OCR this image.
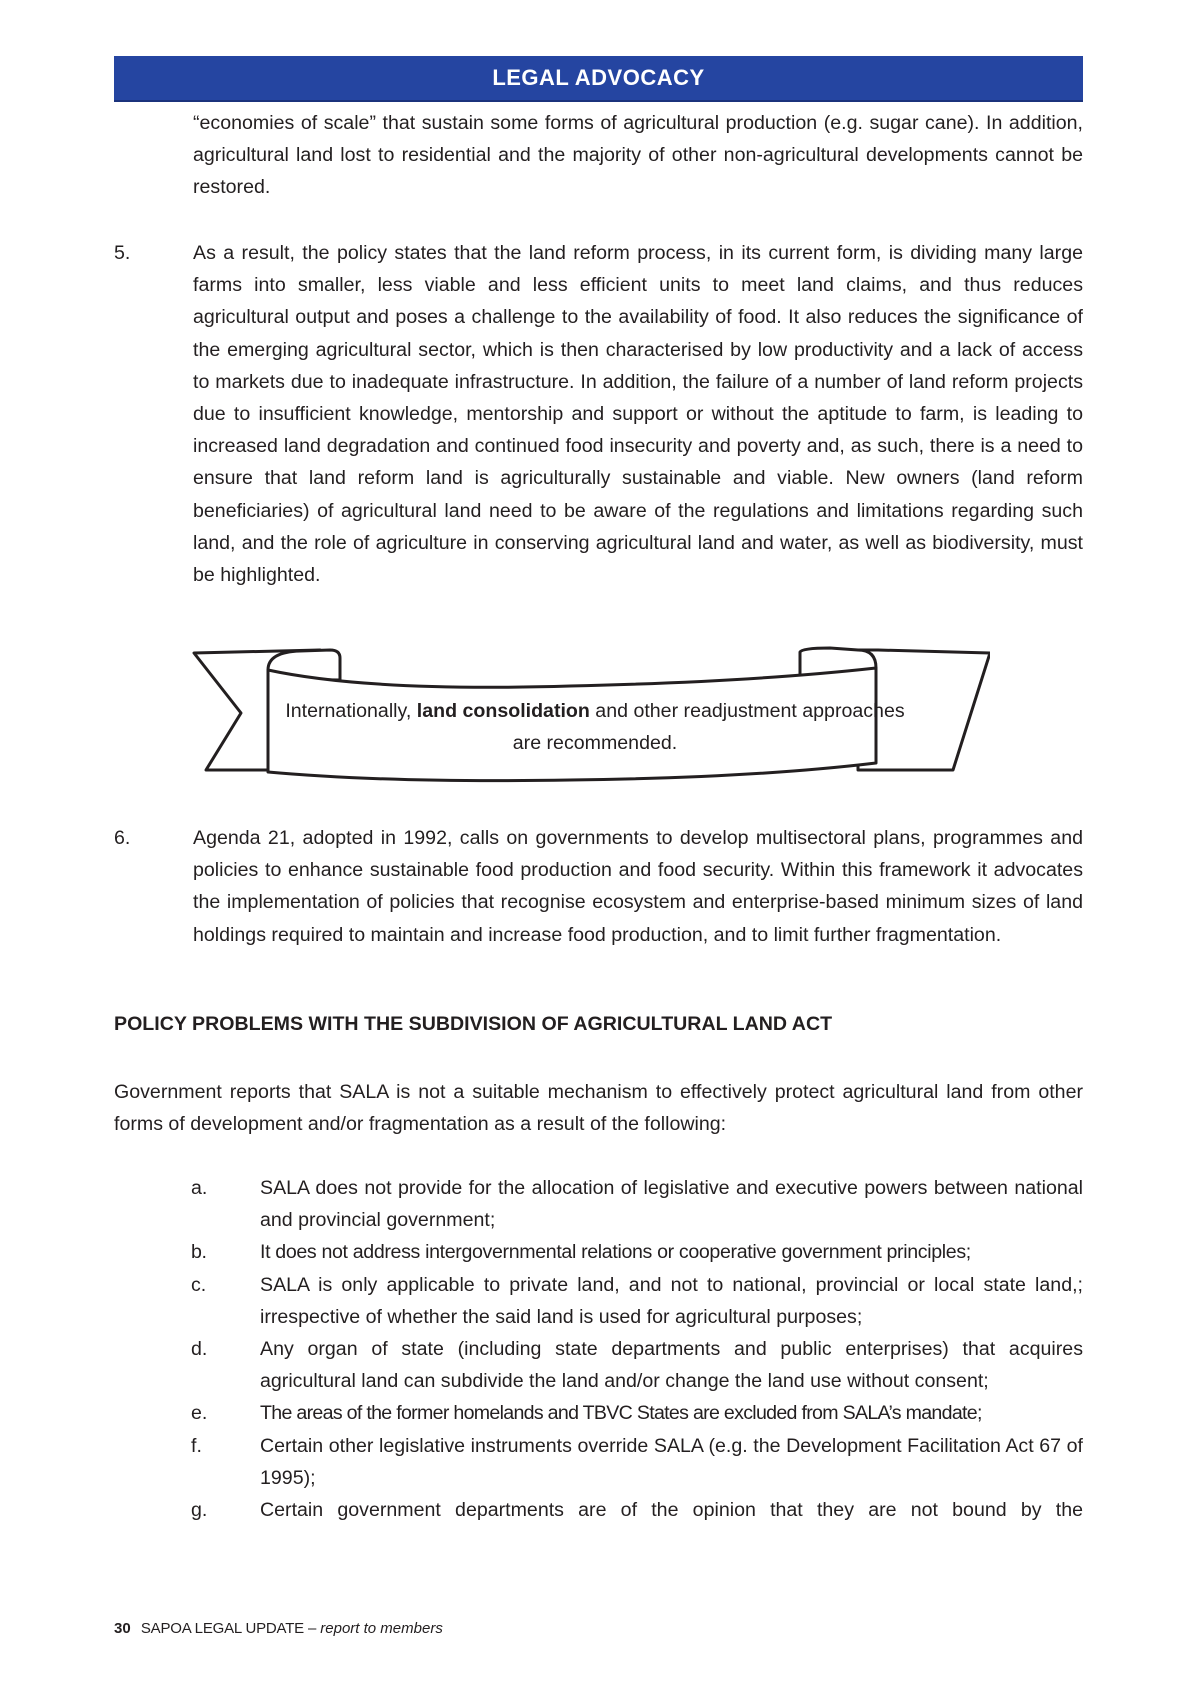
LEGAL ADVOCACY

“economies of scale” that sustain some forms of agricultural production (e.g. sugar cane). In addition, agricultural land lost to residential and the majority of other non-agricultural developments cannot be restored.

5.	As a result, the policy states that the land reform process, in its current form, is dividing many large farms into smaller, less viable and less efficient units to meet land claims, and thus reduces agricultural output and poses a challenge to the availability of food. It also reduces the significance of the emerging agricultural sector, which is then characterised by low productivity and a lack of access to markets due to inadequate infrastructure. In addition, the failure of a number of land reform projects due to insufficient knowledge, mentorship and support or without the aptitude to farm, is leading to increased land degradation and continued food insecurity and poverty and, as such, there is a need to ensure that land reform land is agriculturally sustainable and viable. New owners (land reform beneficiaries) of agricultural land need to be aware of the regulations and limitations regarding such land, and the role of agriculture in conserving agricultural land and water, as well as biodiversity, must be highlighted.

Internationally, land consolidation and other readjustment approaches are recommended.

6.	Agenda 21, adopted in 1992, calls on governments to develop multisectoral plans, programmes and policies to enhance sustainable food production and food security. Within this framework it advocates the implementation of policies that recognise ecosystem and enterprise-based minimum sizes of land holdings required to maintain and increase food production, and to limit further fragmentation.

POLICY PROBLEMS WITH THE SUBDIVISION OF AGRICULTURAL LAND ACT

Government reports that SALA is not a suitable mechanism to effectively protect agricultural land from other forms of development and/or fragmentation as a result of the following:

a.	SALA does not provide for the allocation of legislative and executive powers between national and provincial government;
b.	It does not address intergovernmental relations or cooperative government principles;
c.	SALA is only applicable to private land, and not to national, provincial or local state land,; irrespective of whether the said land is used for agricultural purposes;
d.	Any organ of state (including state departments and public enterprises) that acquires agricultural land can subdivide the land and/or change the land use without consent;
e.	The areas of the former homelands and TBVC States are excluded from SALA’s mandate;
f.	Certain other legislative instruments override SALA (e.g. the Development Facilitation Act 67 of 1995);
g.	Certain government departments are of the opinion that they are not bound by the
30 SAPOA LEGAL UPDATE – report to members
